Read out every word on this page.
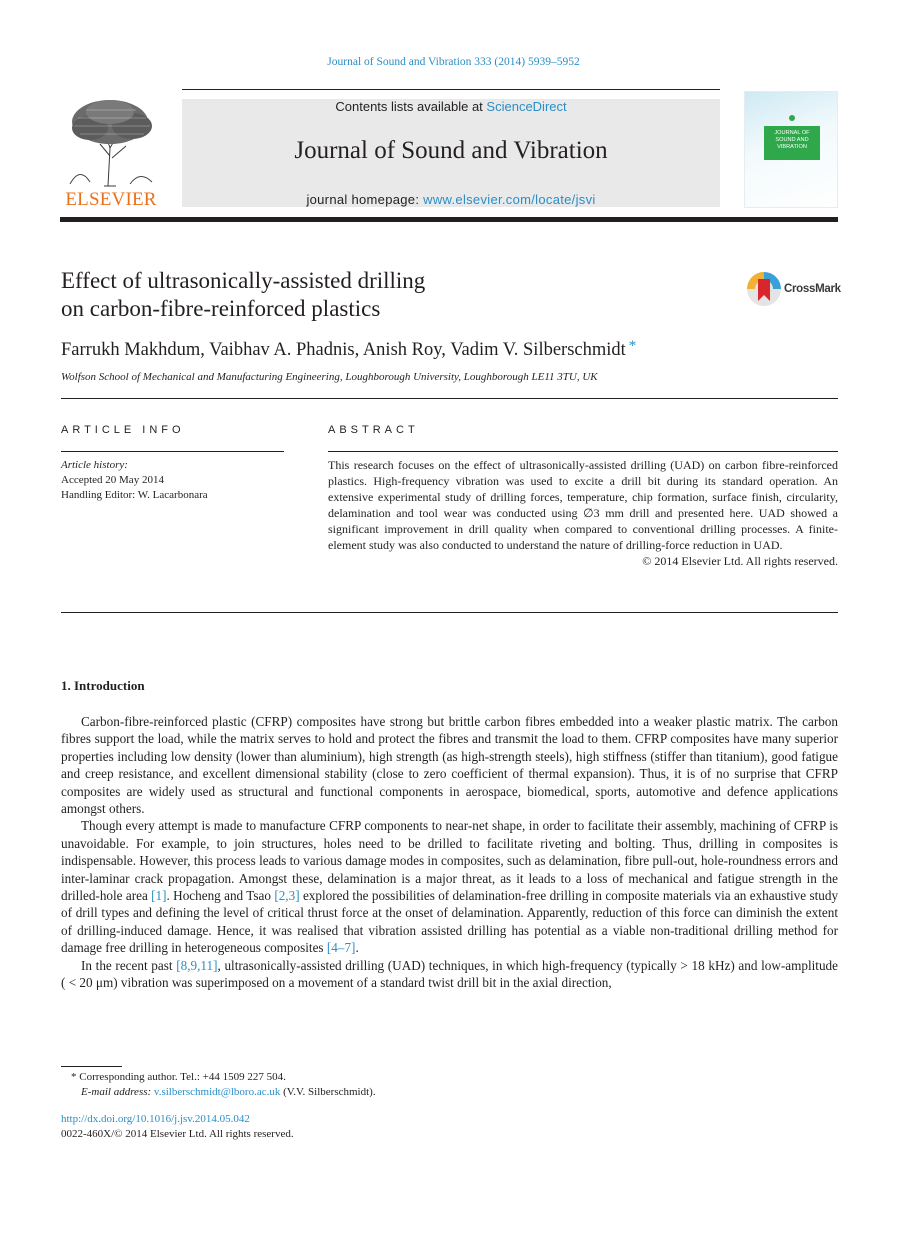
Journal of Sound and Vibration 333 (2014) 5939–5952
ELSEVIER
Contents lists available at ScienceDirect
Journal of Sound and Vibration
journal homepage: www.elsevier.com/locate/jsvi
JOURNAL OF SOUND AND VIBRATION
Effect of ultrasonically-assisted drilling
on carbon-fibre-reinforced plastics
CrossMark
Farrukh Makhdum, Vaibhav A. Phadnis, Anish Roy, Vadim V. Silberschmidt *
Wolfson School of Mechanical and Manufacturing Engineering, Loughborough University, Loughborough LE11 3TU, UK
ARTICLE INFO
Article history:
Accepted 20 May 2014
Handling Editor: W. Lacarbonara
ABSTRACT
This research focuses on the effect of ultrasonically-assisted drilling (UAD) on carbon fibre-reinforced plastics. High-frequency vibration was used to excite a drill bit during its standard operation. An extensive experimental study of drilling forces, temperature, chip formation, surface finish, circularity, delamination and tool wear was conducted using ∅3 mm drill and presented here. UAD showed a significant improvement in drill quality when compared to conventional drilling processes. A finite-element study was also conducted to understand the nature of drilling-force reduction in UAD.
© 2014 Elsevier Ltd. All rights reserved.
1. Introduction

Carbon-fibre-reinforced plastic (CFRP) composites have strong but brittle carbon fibres embedded into a weaker plastic matrix. The carbon fibres support the load, while the matrix serves to hold and protect the fibres and transmit the load to them. CFRP composites have many superior properties including low density (lower than aluminium), high strength (as high-strength steels), high stiffness (stiffer than titanium), good fatigue and creep resistance, and excellent dimensional stability (close to zero coefficient of thermal expansion). Thus, it is of no surprise that CFRP composites are widely used as structural and functional components in aerospace, biomedical, sports, automotive and defence applications amongst others.

Though every attempt is made to manufacture CFRP components to near-net shape, in order to facilitate their assembly, machining of CFRP is unavoidable. For example, to join structures, holes need to be drilled to facilitate riveting and bolting. Thus, drilling in composites is indispensable. However, this process leads to various damage modes in composites, such as delamination, fibre pull-out, hole-roundness errors and inter-laminar crack propagation. Amongst these, delamination is a major threat, as it leads to a loss of mechanical and fatigue strength in the drilled-hole area [1]. Hocheng and Tsao [2,3] explored the possibilities of delamination-free drilling in composite materials via an exhaustive study of drill types and defining the level of critical thrust force at the onset of delamination. Apparently, reduction of this force can diminish the extent of drilling-induced damage. Hence, it was realised that vibration assisted drilling has potential as a viable non-traditional drilling method for damage free drilling in heterogeneous composites [4–7].

In the recent past [8,9,11], ultrasonically-assisted drilling (UAD) techniques, in which high-frequency (typically > 18 kHz) and low-amplitude ( < 20 μm) vibration was superimposed on a movement of a standard twist drill bit in the axial direction,

* Corresponding author. Tel.: +44 1509 227 504.
E-mail address: v.silberschmidt@lboro.ac.uk (V.V. Silberschmidt).
http://dx.doi.org/10.1016/j.jsv.2014.05.042
0022-460X/© 2014 Elsevier Ltd. All rights reserved.
